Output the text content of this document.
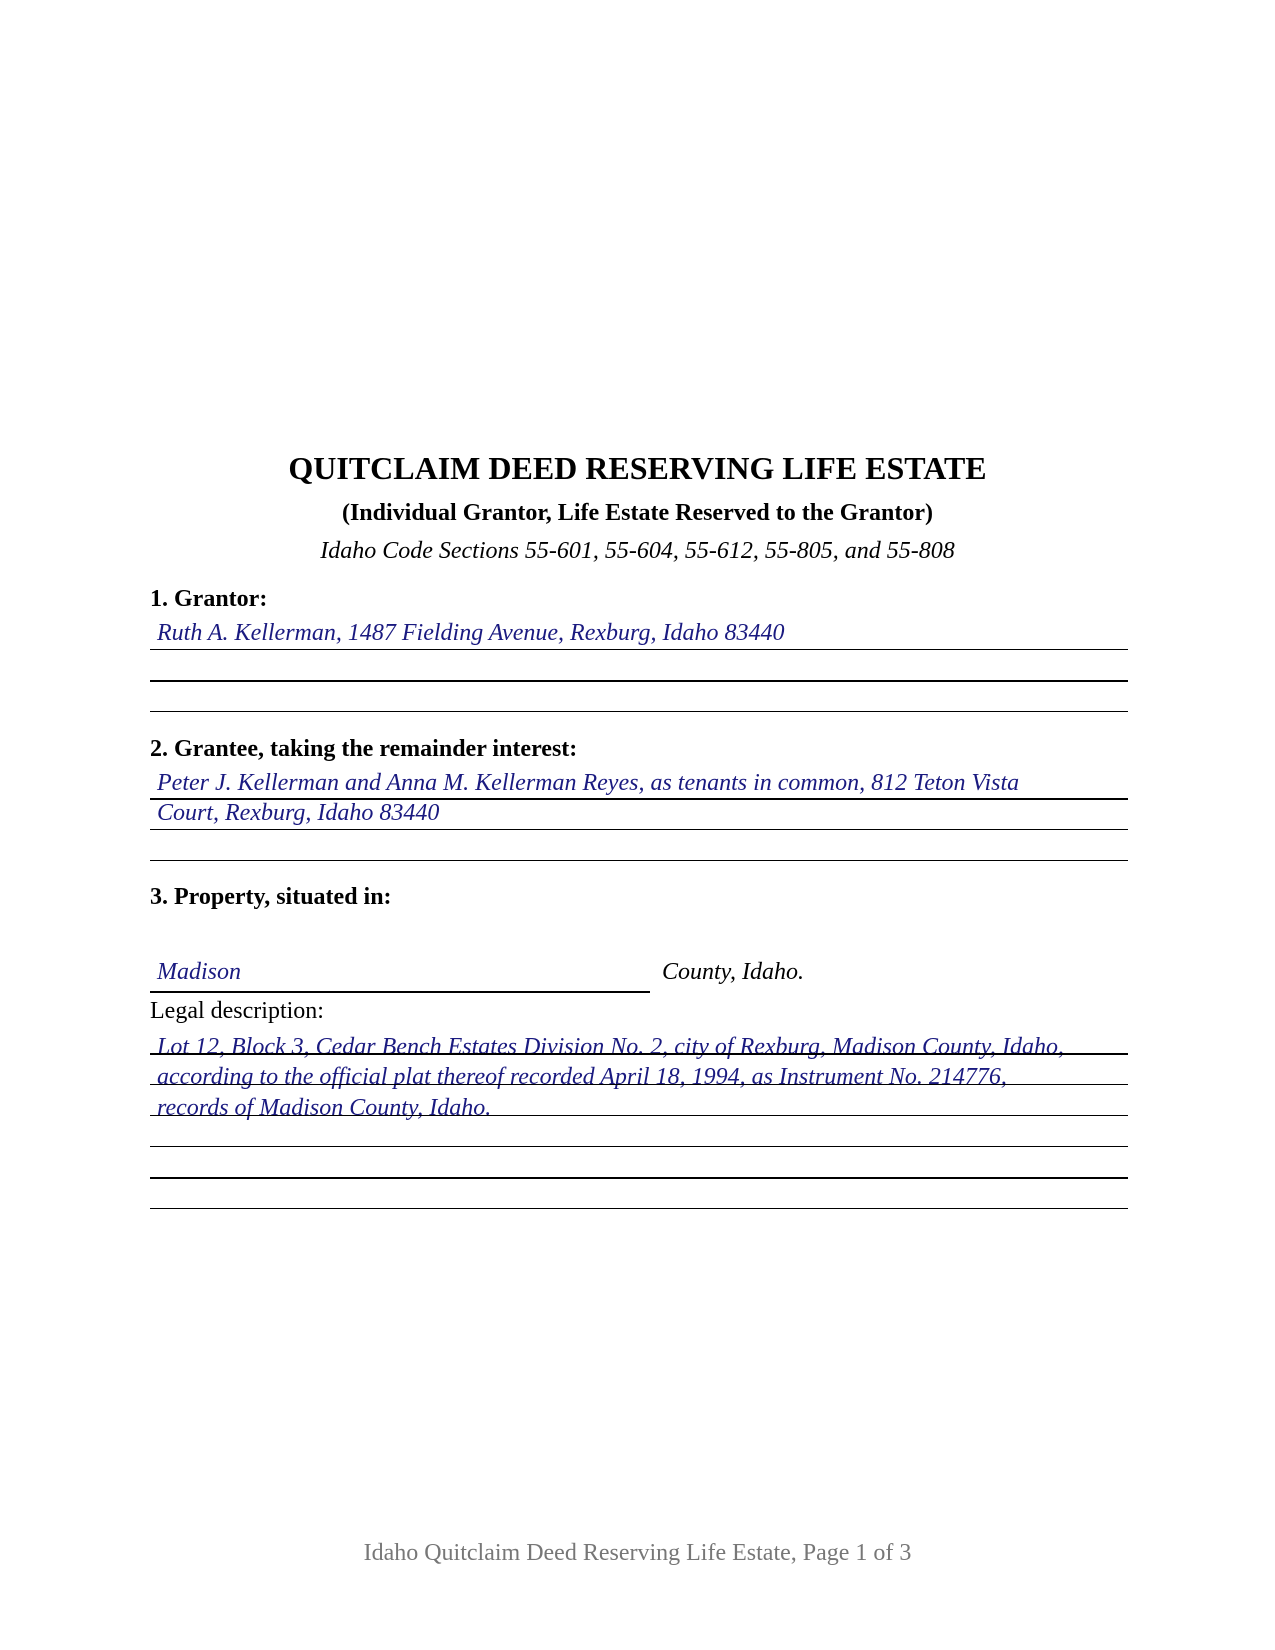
QUITCLAIM DEED RESERVING LIFE ESTATE
(Individual Grantor, Life Estate Reserved to the Grantor)
Idaho Code Sections 55-601, 55-604, 55-612, 55-805, and 55-808
1. Grantor:
Ruth A. Kellerman, 1487 Fielding Avenue, Rexburg, Idaho 83440
2. Grantee, taking the remainder interest:
Peter J. Kellerman and Anna M. Kellerman Reyes, as tenants in common, 812 Teton Vista
Court, Rexburg, Idaho 83440
3. Property, situated in:
Madison	County, Idaho.
Legal description:
Lot 12, Block 3, Cedar Bench Estates Division No. 2, city of Rexburg, Madison County, Idaho,
according to the official plat thereof recorded April 18, 1994, as Instrument No. 214776,
records of Madison County, Idaho.
Idaho Quitclaim Deed Reserving Life Estate, Page 1 of 3
